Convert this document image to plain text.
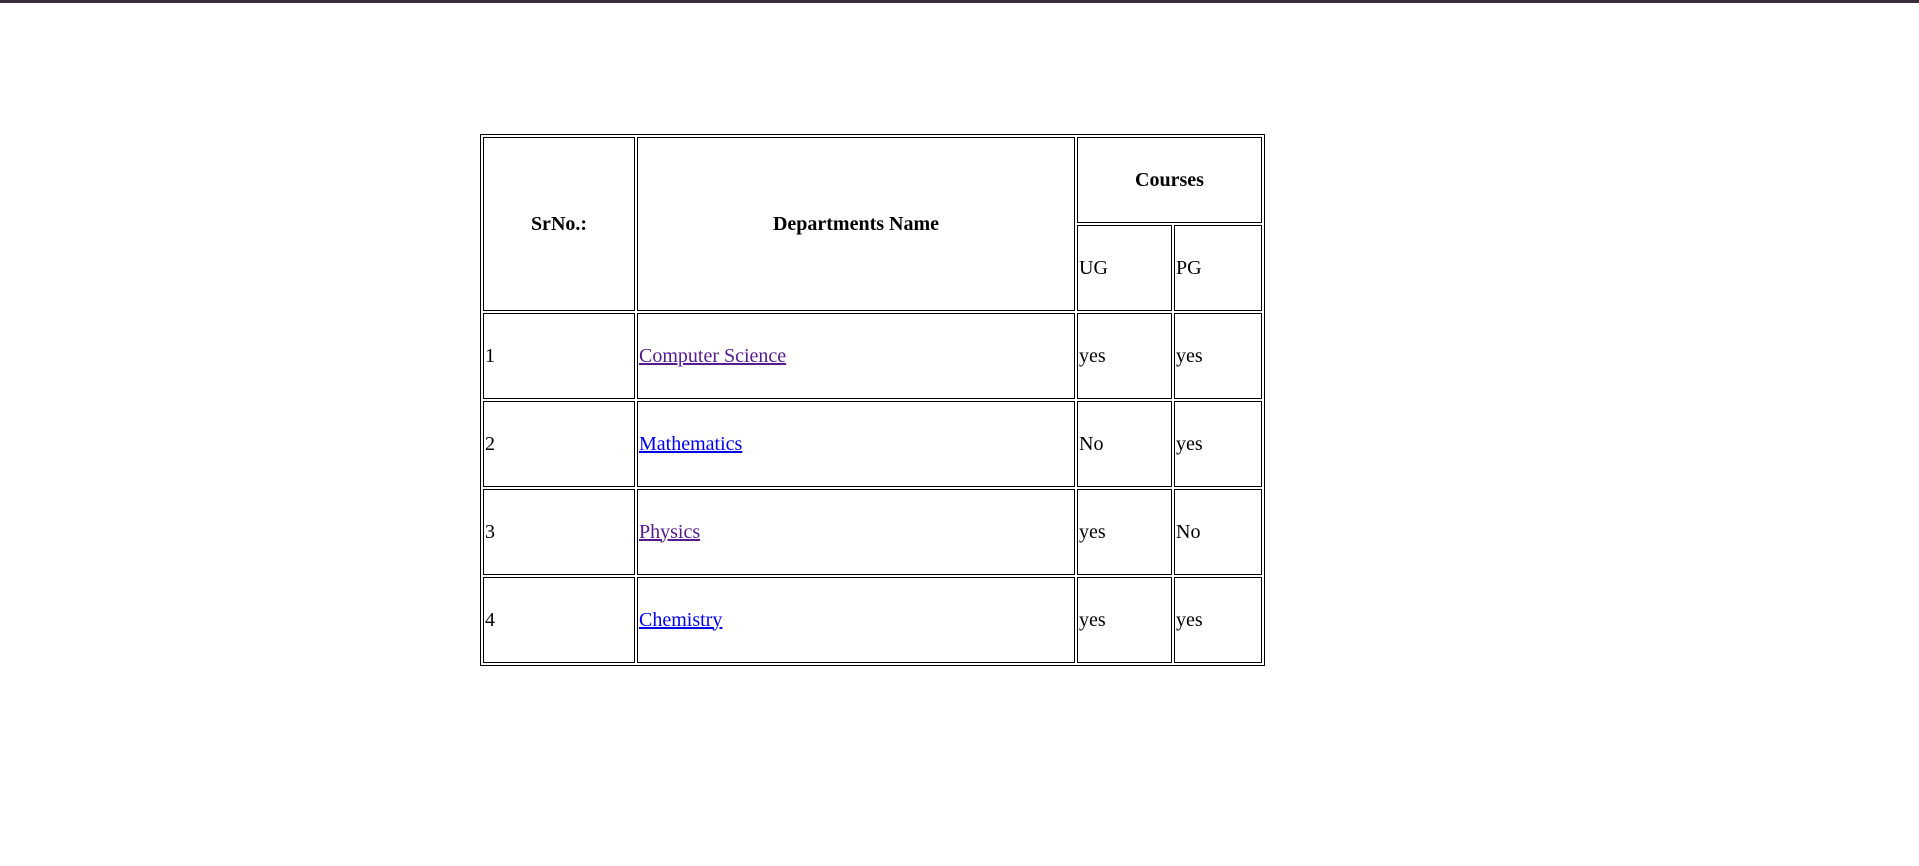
SrNo.:	Departments Name	Courses	
		UG	PG
1	Computer Science	yes	yes
2	Mathematics	No	yes
3	Physics	yes	No
4	Chemistry	yes	yes
